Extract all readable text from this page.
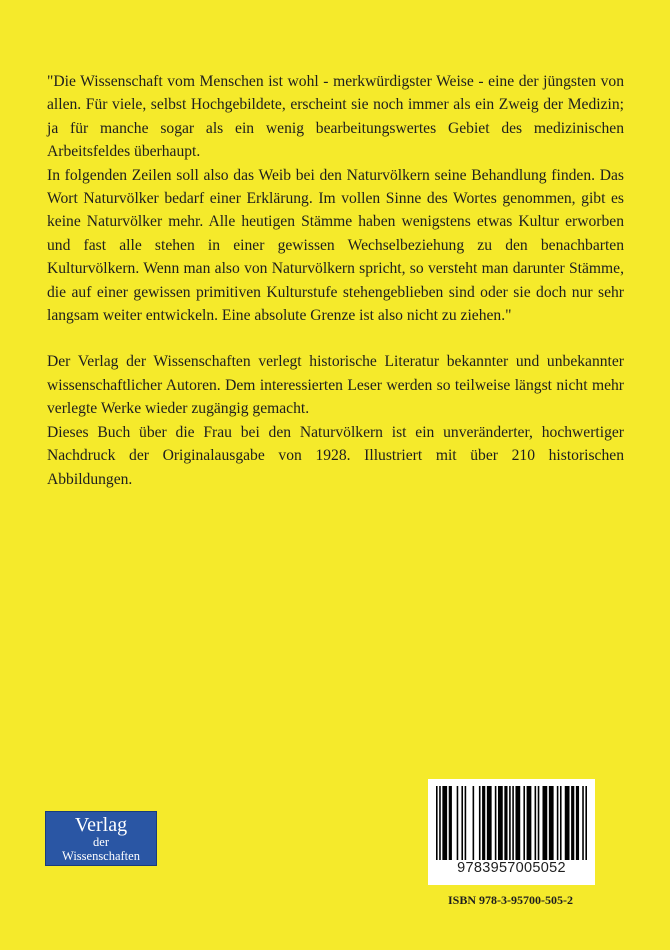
"Die Wissenschaft vom Menschen ist wohl - merkwürdigster Weise - eine der jüngsten von allen. Für viele, selbst Hochgebildete, erscheint sie noch immer als ein Zweig der Medizin; ja für manche sogar als ein wenig bearbeitungswertes Gebiet des medizinischen Arbeitsfeldes überhaupt.

In folgenden Zeilen soll also das Weib bei den Naturvölkern seine Behandlung finden. Das Wort Naturvölker bedarf einer Erklärung. Im vollen Sinne des Wortes genommen, gibt es keine Naturvölker mehr. Alle heutigen Stämme haben wenigstens etwas Kultur erworben und fast alle stehen in einer gewissen Wechselbeziehung zu den benachbarten Kulturvölkern. Wenn man also von Naturvölkern spricht, so versteht man darunter Stämme, die auf einer gewissen primitiven Kulturstufe stehengeblieben sind oder sie doch nur sehr langsam weiter entwickeln. Eine absolute Grenze ist also nicht zu ziehen."

Der Verlag der Wissenschaften verlegt historische Literatur bekannter und unbekannter wissenschaftlicher Autoren. Dem interessierten Leser werden so teilweise längst nicht mehr verlegte Werke wieder zugängig gemacht.

Dieses Buch über die Frau bei den Naturvölkern ist ein unveränderter, hochwertiger Nachdruck der Originalausgabe von 1928. Illustriert mit über 210 historischen Abbildungen.

Verlag
der
Wissenschaften
9783957005052
ISBN 978-3-95700-505-2
